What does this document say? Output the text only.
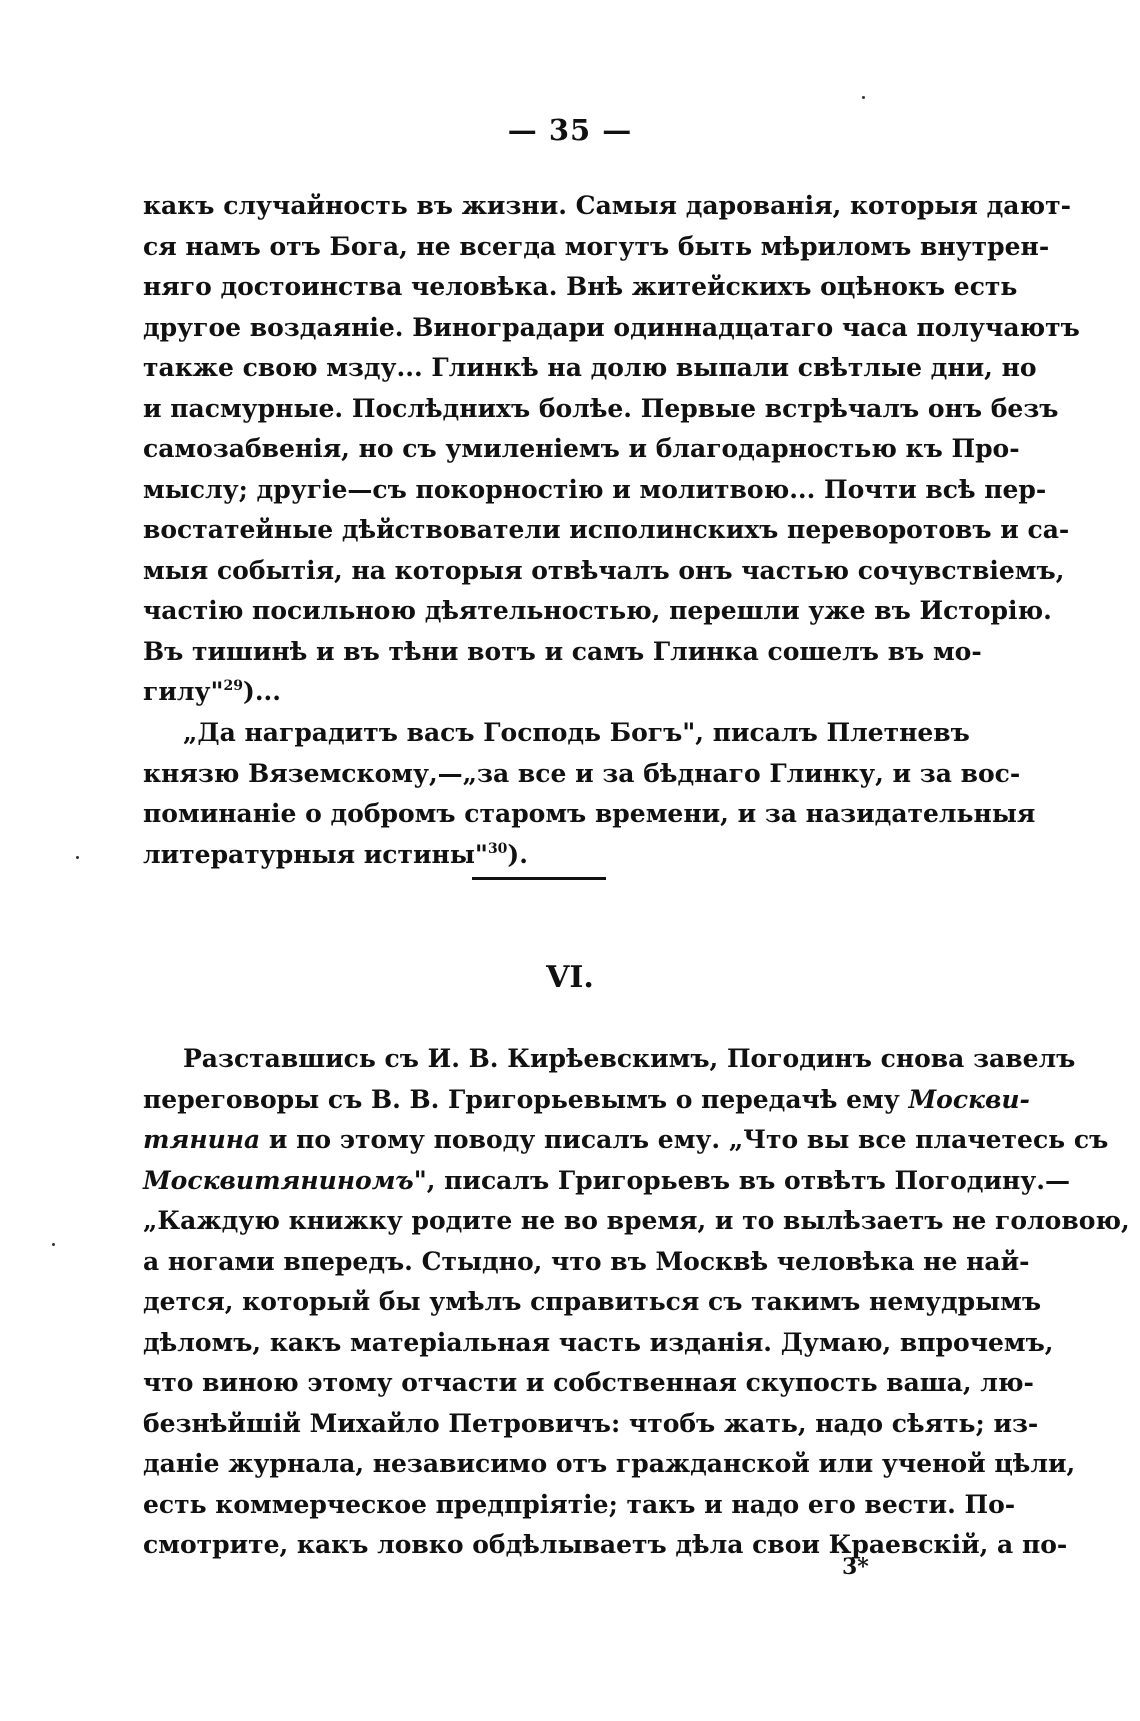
— 35 —
какъ случайность въ жизни. Самыя дарованія, которыя дают-
ся намъ отъ Бога, не всегда могутъ быть мѣриломъ внутрен-
няго достоинства человѣка. Внѣ житейскихъ оцѣнокъ есть
другое воздаяніе. Виноградари одиннадцатаго часа получаютъ
также свою мзду... Глинкѣ на долю выпали свѣтлые дни, но
и пасмурные. Послѣднихъ болѣе. Первые встрѣчалъ онъ безъ
самозабвенія, но съ умиленіемъ и благодарностью къ Про-
мыслу; другіе—съ покорностію и молитвою... Почти всѣ пер-
востатейные дѣйствователи исполинскихъ переворотовъ и са-
мыя событія, на которыя отвѣчалъ онъ частью сочувствіемъ,
частію посильною дѣятельностью, перешли уже въ Исторію.
Въ тишинѣ и въ тѣни вотъ и самъ Глинка сошелъ въ мо-
гилу"$^{29}$)...
„Да наградитъ васъ Господь Богъ", писалъ Плетневъ
князю Вяземскому,—„за все и за бѣднаго Глинку, и за вос-
поминаніе о добромъ старомъ времени, и за назидательныя
литературныя истины"$^{30}$).
VI.
Разставшись съ И. В. Кирѣевскимъ, Погодинъ снова завелъ
переговоры съ В. В. Григорьевымъ о передачѣ ему Москви-
тянина и по этому поводу писалъ ему. „Что вы все плачетесь съ
Москвитяниномъ", писалъ Григорьевъ въ отвѣтъ Погодину.—
„Каждую книжку родите не во время, и то вылѣзаетъ не головою,
а ногами впередъ. Стыдно, что въ Москвѣ человѣка не най-
дется, который бы умѣлъ справиться съ такимъ немудрымъ
дѣломъ, какъ матеріальная часть изданія. Думаю, впрочемъ,
что виною этому отчасти и собственная скупость ваша, лю-
безнѣйшій Михайло Петровичъ: чтобъ жать, надо сѣять; из-
даніе журнала, независимо отъ гражданской или ученой цѣли,
есть коммерческое предпріятіе; такъ и надо его вести. По-
смотрите, какъ ловко обдѣлываетъ дѣла свои Краевскій, а по-
3*
